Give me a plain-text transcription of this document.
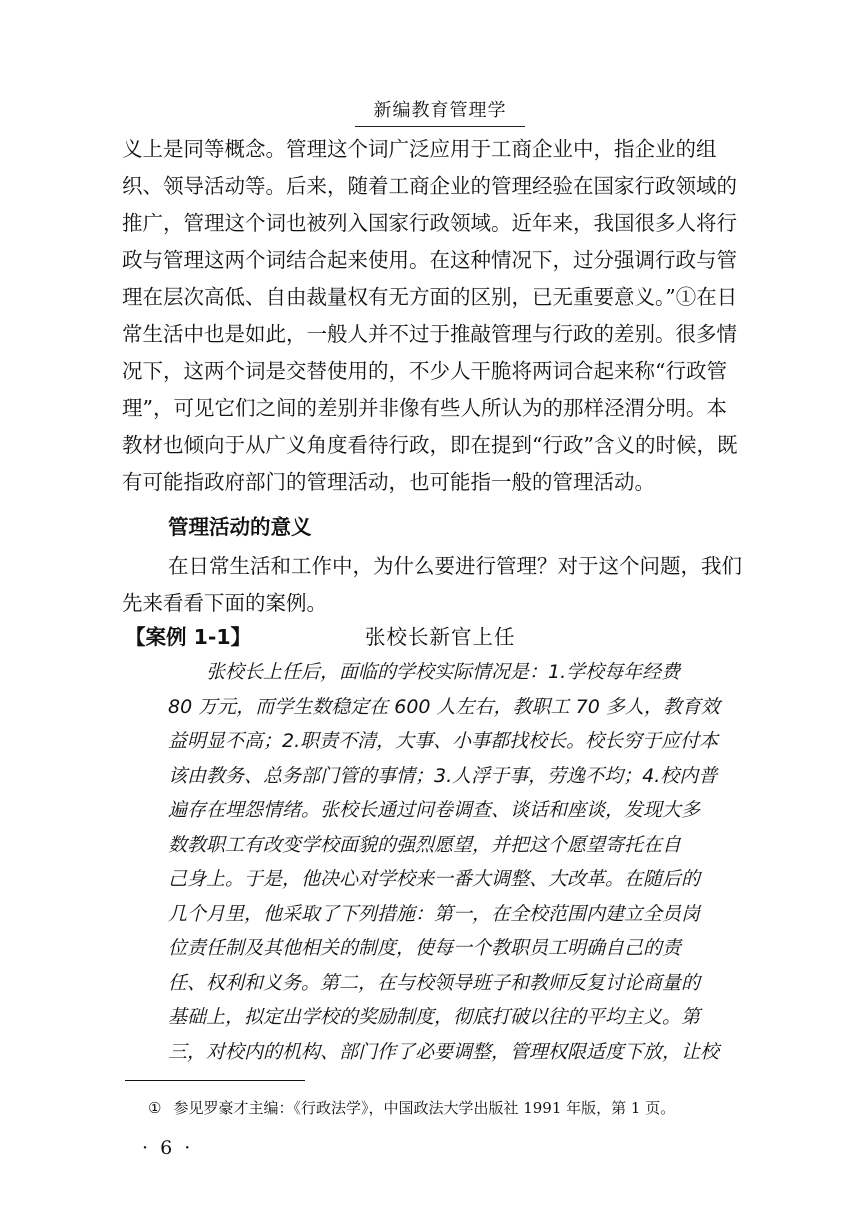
新编教育管理学
义上是同等概念。管理这个词广泛应用于工商企业中，指企业的组
织、领导活动等。后来，随着工商企业的管理经验在国家行政领域的
推广，管理这个词也被列入国家行政领域。近年来，我国很多人将行
政与管理这两个词结合起来使用。在这种情况下，过分强调行政与管
理在层次高低、自由裁量权有无方面的区别，已无重要意义。”①在日
常生活中也是如此，一般人并不过于推敲管理与行政的差别。很多情
况下，这两个词是交替使用的，不少人干脆将两词合起来称“行政管
理”，可见它们之间的差别并非像有些人所认为的那样泾渭分明。本
教材也倾向于从广义角度看待行政，即在提到“行政”含义的时候，既
有可能指政府部门的管理活动，也可能指一般的管理活动。
管理活动的意义
在日常生活和工作中，为什么要进行管理？对于这个问题，我们
先来看看下面的案例。
【案例 1-1】	张校长新官上任
　　张校长上任后，面临的学校实际情况是：1.学校每年经费
80 万元，而学生数稳定在 600 人左右，教职工 70 多人，教育效
益明显不高；2.职责不清，大事、小事都找校长。校长穷于应付本
该由教务、总务部门管的事情；3.人浮于事，劳逸不均；4.校内普
遍存在埋怨情绪。张校长通过问卷调查、谈话和座谈，发现大多
数教职工有改变学校面貌的强烈愿望，并把这个愿望寄托在自
己身上。于是，他决心对学校来一番大调整、大改革。在随后的
几个月里，他采取了下列措施：第一，在全校范围内建立全员岗
位责任制及其他相关的制度，使每一个教职员工明确自己的责
任、权利和义务。第二，在与校领导班子和教师反复讨论商量的
基础上，拟定出学校的奖励制度，彻底打破以往的平均主义。第
三，对校内的机构、部门作了必要调整，管理权限适度下放，让校
① 参见罗豪才主编：《行政法学》，中国政法大学出版社 1991 年版，第 1 页。
· 6 ·
